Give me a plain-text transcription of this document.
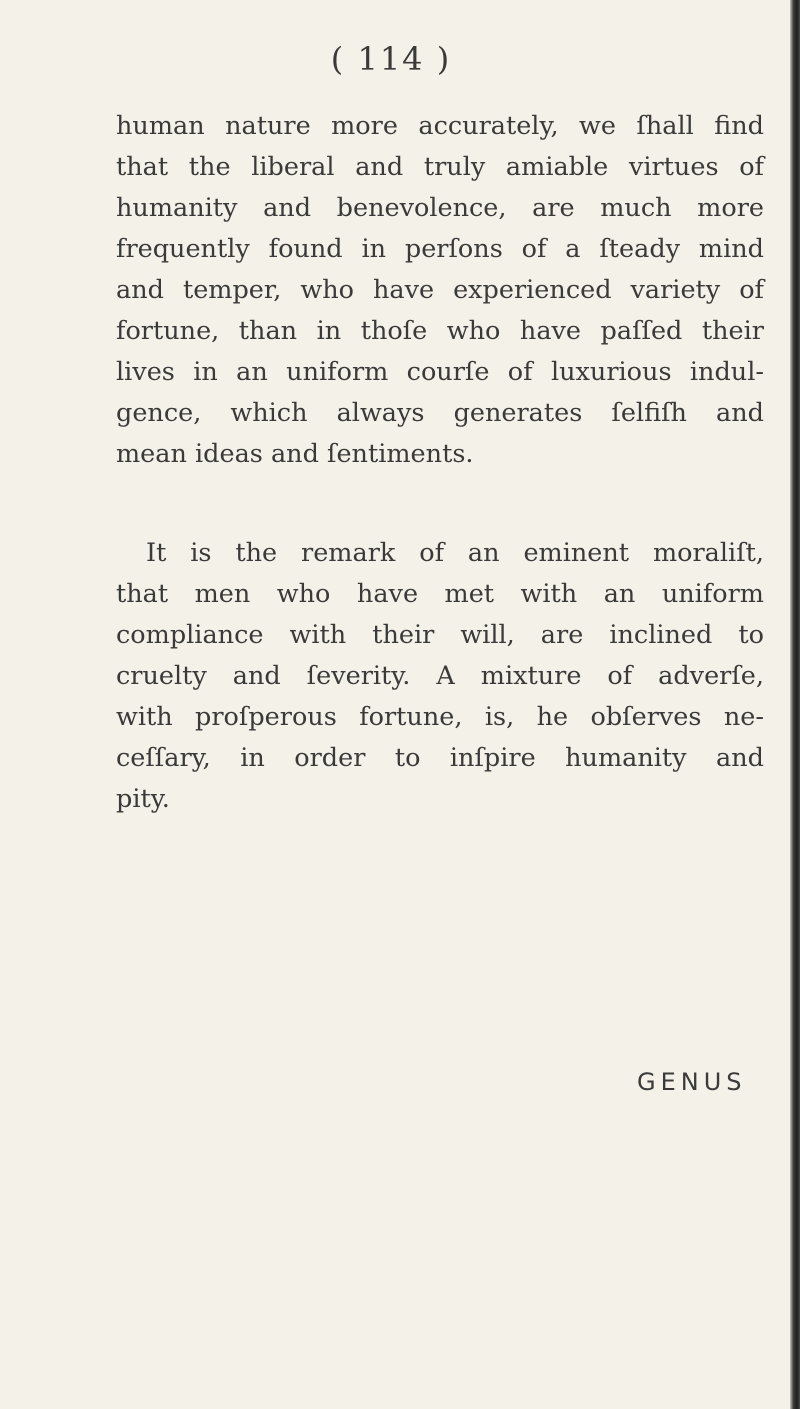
( 114 )
human nature more accurately, we ſhall find
that the liberal and truly amiable virtues of
humanity and benevolence, are much more
frequently found in perſons of a ſteady mind
and temper, who have experienced variety of
fortune, than in thoſe who have paſſed their
lives in an uniform courſe of luxurious indul-
gence, which always generates ſelfiſh and
mean ideas and ſentiments.
It is the remark of an eminent moraliſt,
that men who have met with an uniform
compliance with their will, are inclined to
cruelty and ſeverity. A mixture of adverſe,
with proſperous fortune, is, he obſerves ne-
ceſſary, in order to inſpire humanity and
pity.
GENUS
